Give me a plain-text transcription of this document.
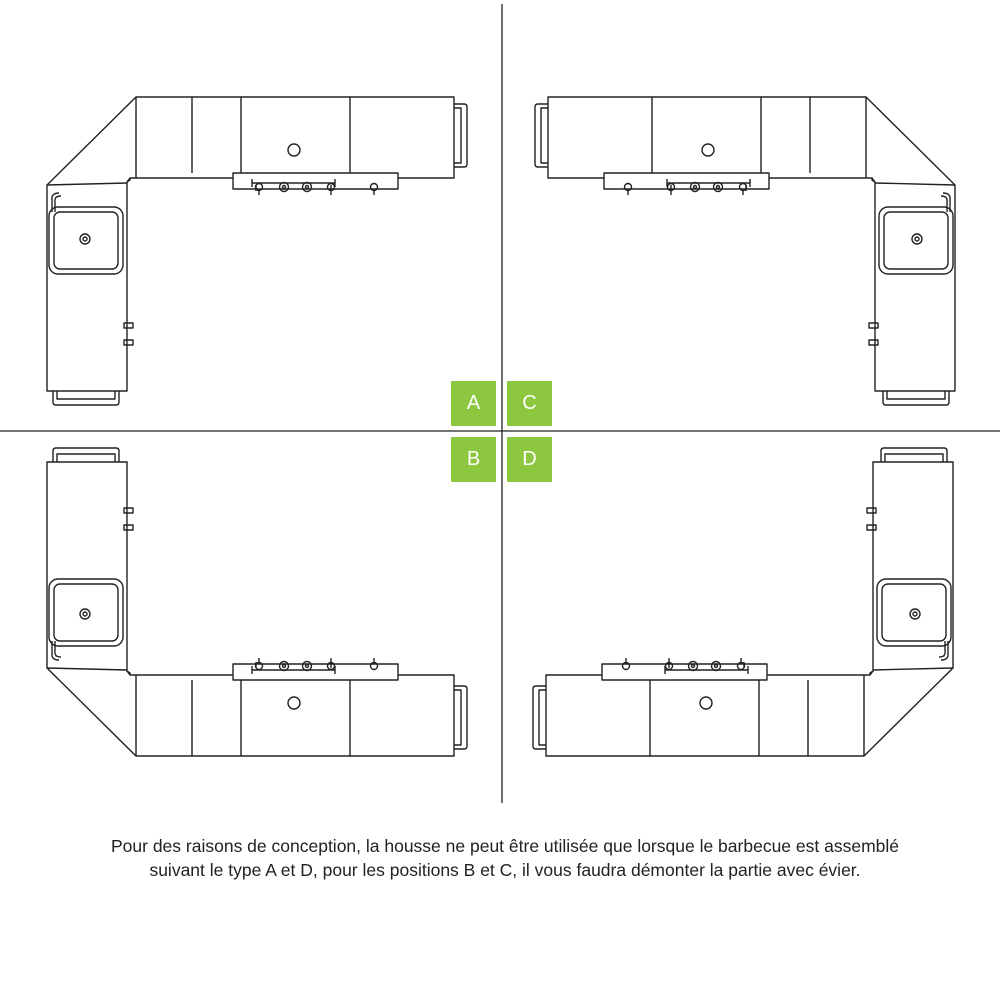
A	C
B	D
Pour des raisons de conception, la housse ne peut être utilisée que lorsque le barbecue est assemblé
suivant le type A et D, pour les positions B et C, il vous faudra démonter la partie avec évier.
